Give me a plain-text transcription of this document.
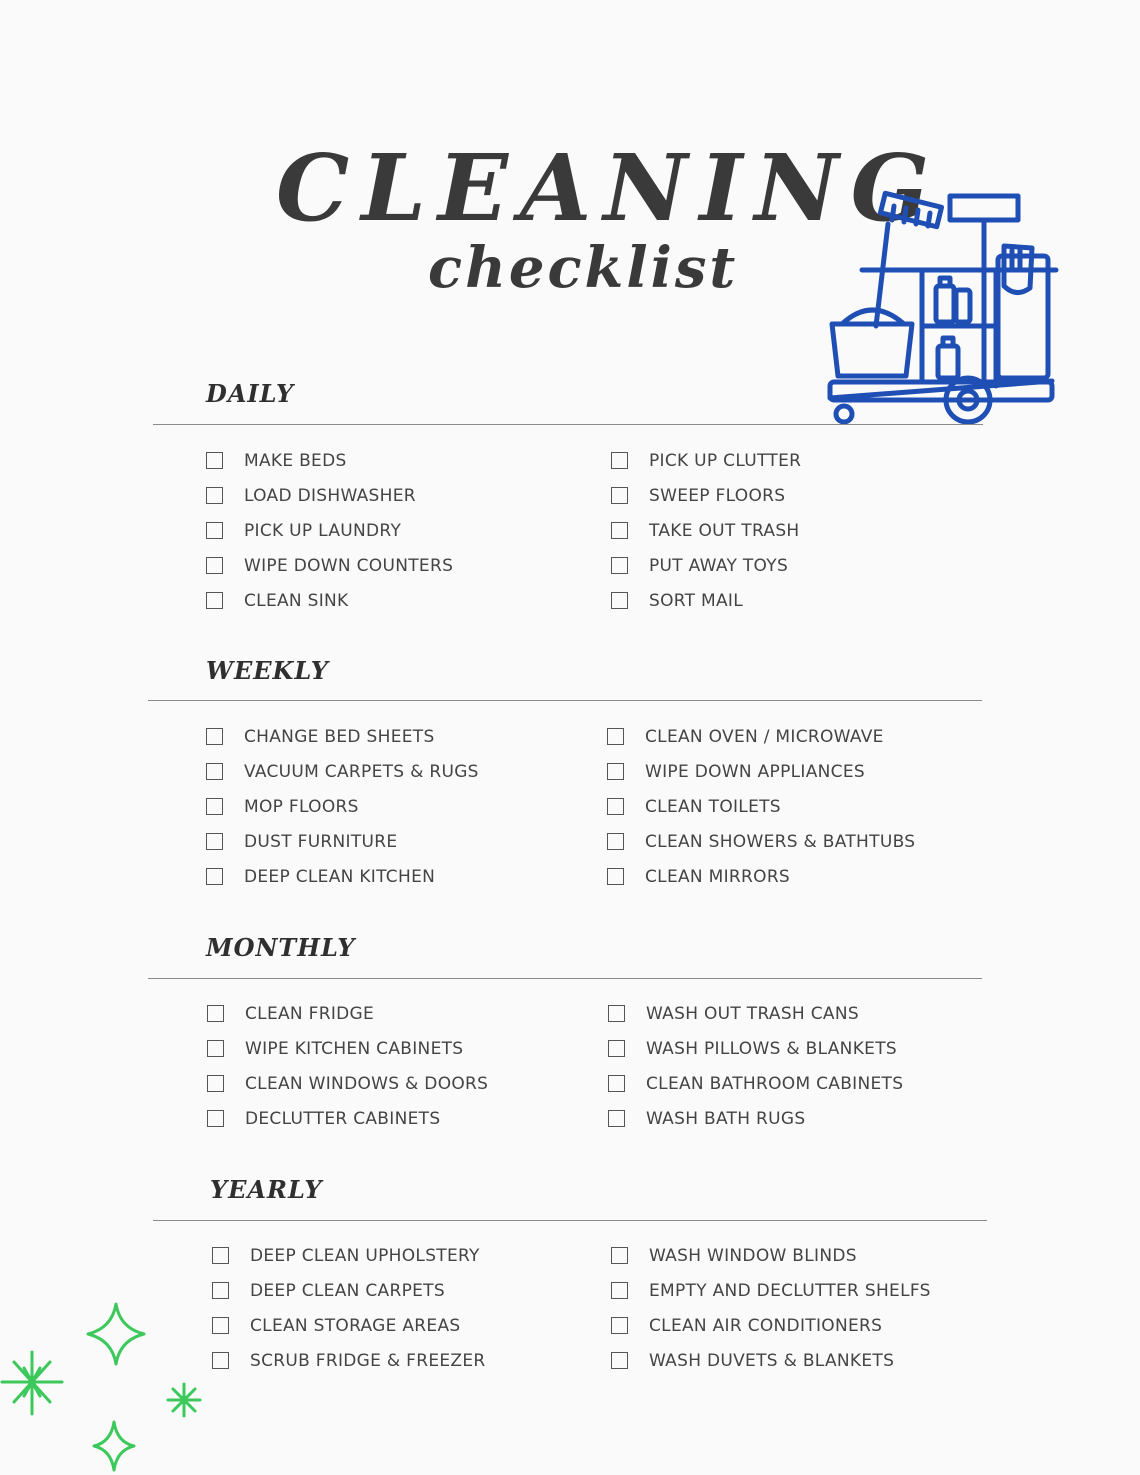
CLEANING
checklist
DAILY
MAKE BEDS
LOAD DISHWASHER
PICK UP LAUNDRY
WIPE DOWN COUNTERS
CLEAN SINK
PICK UP CLUTTER
SWEEP FLOORS
TAKE OUT TRASH
PUT AWAY TOYS
SORT MAIL
WEEKLY
CHANGE BED SHEETS
VACUUM CARPETS & RUGS
MOP FLOORS
DUST FURNITURE
DEEP CLEAN KITCHEN
CLEAN OVEN / MICROWAVE
WIPE DOWN APPLIANCES
CLEAN TOILETS
CLEAN SHOWERS & BATHTUBS
CLEAN MIRRORS
MONTHLY
CLEAN FRIDGE
WIPE KITCHEN CABINETS
CLEAN WINDOWS & DOORS
DECLUTTER CABINETS
WASH OUT TRASH CANS
WASH PILLOWS & BLANKETS
CLEAN BATHROOM CABINETS
WASH BATH RUGS
YEARLY
DEEP CLEAN UPHOLSTERY
DEEP CLEAN CARPETS
CLEAN STORAGE AREAS
SCRUB FRIDGE & FREEZER
WASH WINDOW BLINDS
EMPTY AND DECLUTTER SHELFS
CLEAN AIR CONDITIONERS
WASH DUVETS & BLANKETS
